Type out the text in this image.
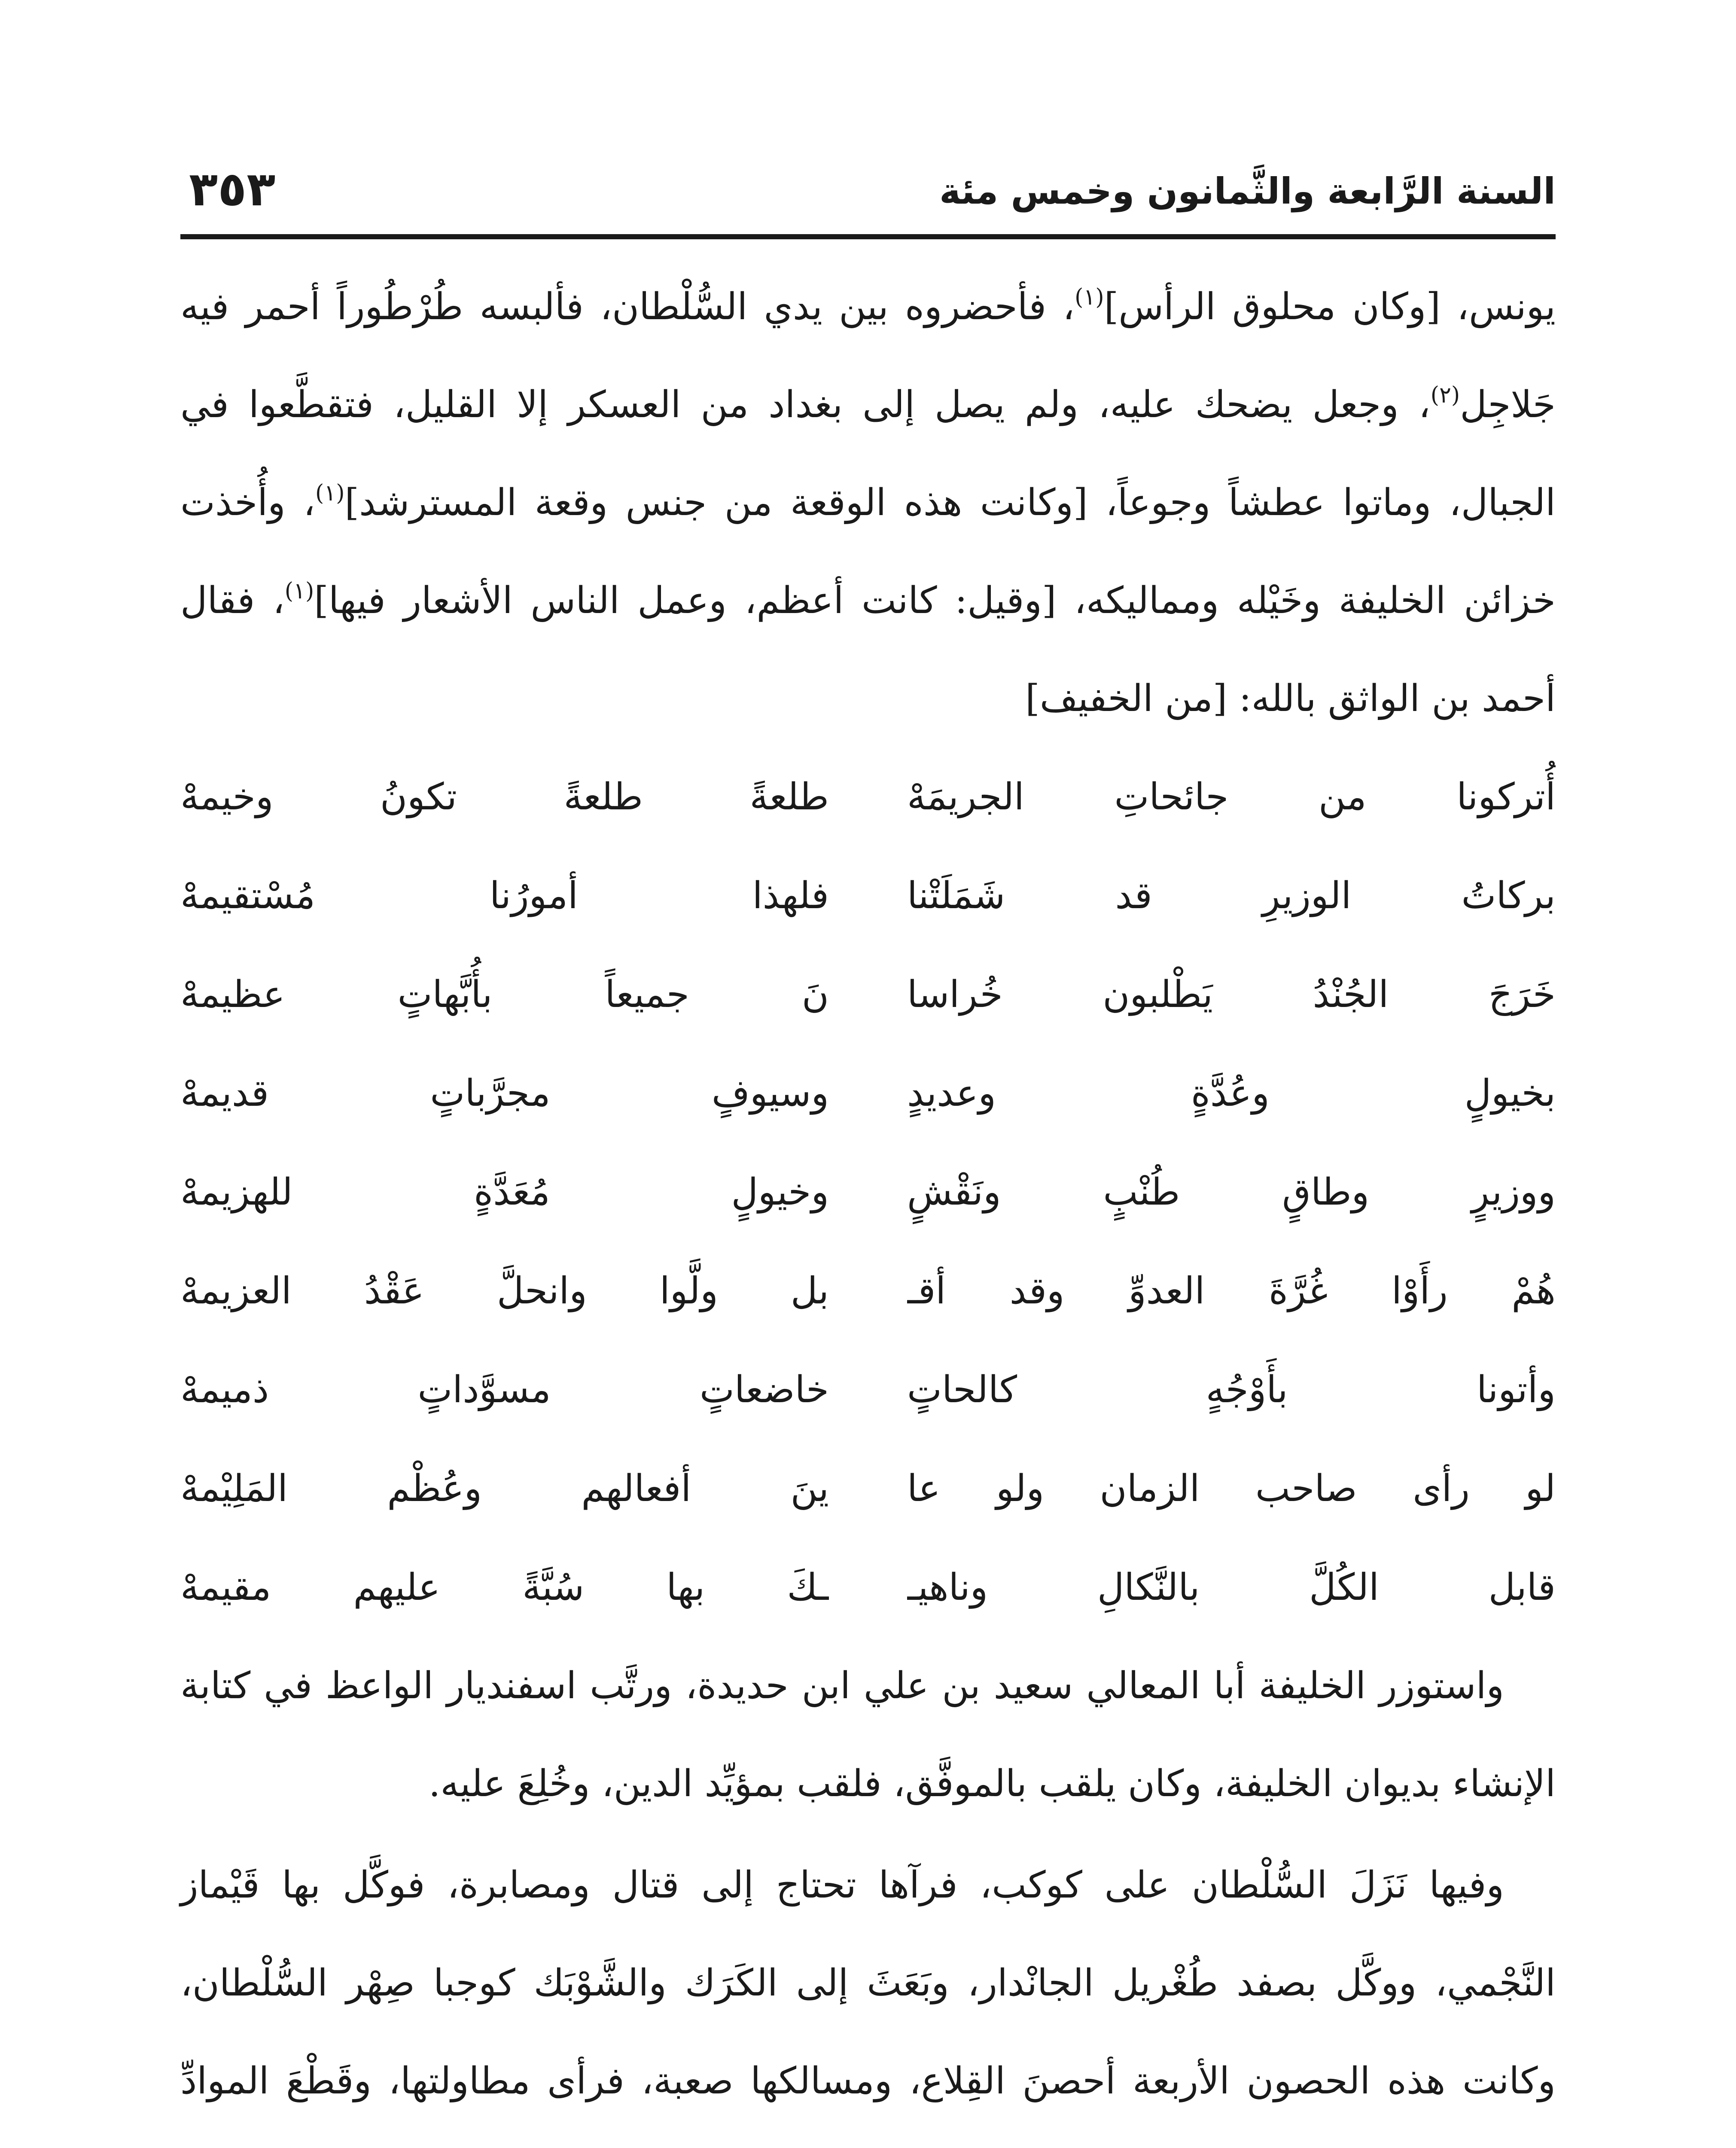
السنة الرَّابعة والثَّمانون وخمس مئة
٣٥٣

يونس، [وكان محلوق الرأس]$^{(١)}$، فأحضروه بين يدي السُّلْطان، فألبسه طُرْطُوراً أحمر فيه جَلاجِل$^{(٢)}$، وجعل يضحك عليه، ولم يصل إلى بغداد من العسكر إلا القليل، فتقطَّعوا في الجبال، وماتوا عطشاً وجوعاً، [وكانت هذه الوقعة من جنس وقعة المسترشد]$^{(١)}$، وأُخذت خزائن الخليفة وخَيْله ومماليكه، [وقيل: كانت أعظم، وعمل الناس الأشعار فيها]$^{(١)}$، فقال أحمد بن الواثق بالله: [من الخفيف]

أُتركونا من جائحاتِ الجريمَهْ
طلعةً طلعةً تكونُ وخيمهْ
بركاتُ الوزيرِ قد شَمَلَتْنا
فلهذا أمورُنا مُسْتقيمهْ
خَرَجَ الجُنْدُ يَطْلبون خُراسا
نَ جميعاً بأُبَّهاتٍ عظيمهْ
بخيولٍ وعُدَّةٍ وعديدٍ
وسيوفٍ مجرَّباتٍ قديمهْ
ووزيرٍ وطاقٍ طُنْبٍ ونَقْشٍ
وخيولٍ مُعَدَّةٍ للهزيمهْ
هُمْ رأَوْا غُرَّةَ العدوِّ وقد أقـ
بل ولَّوا وانحلَّ عَقْدُ العزيمهْ
وأتونا بأَوْجُهٍ كالحاتٍ
خاضعاتٍ مسوَّداتٍ ذميمهْ
لو رأى صاحب الزمان ولو عا
ينَ أفعالهم وعُظْم المَلِيْمهْ
قابل الكُلَّ بالنَّكالِ وناهيـ
ـكَ بها سُبَّةً عليهم مقيمهْ

واستوزر الخليفة أبا المعالي سعيد بن علي ابن حديدة، ورتَّب اسفنديار الواعظ في كتابة الإنشاء بديوان الخليفة، وكان يلقب بالموفَّق، فلقب بمؤيِّد الدين، وخُلِعَ عليه.

وفيها نَزَلَ السُّلْطان على كوكب، فرآها تحتاج إلى قتال ومصابرة، فوكَّل بها قَيْماز النَّجْمي، ووكَّل بصفد طُغْريل الجانْدار، وبَعَثَ إلى الكَرَك والشَّوْبَك كوجبا صِهْر السُّلْطان، وكانت هذه الحصون الأربعة أحصنَ القِلاع، ومسالكها صعبة، فرأى مطاولتها، وقَطْعَ الموادِّ
